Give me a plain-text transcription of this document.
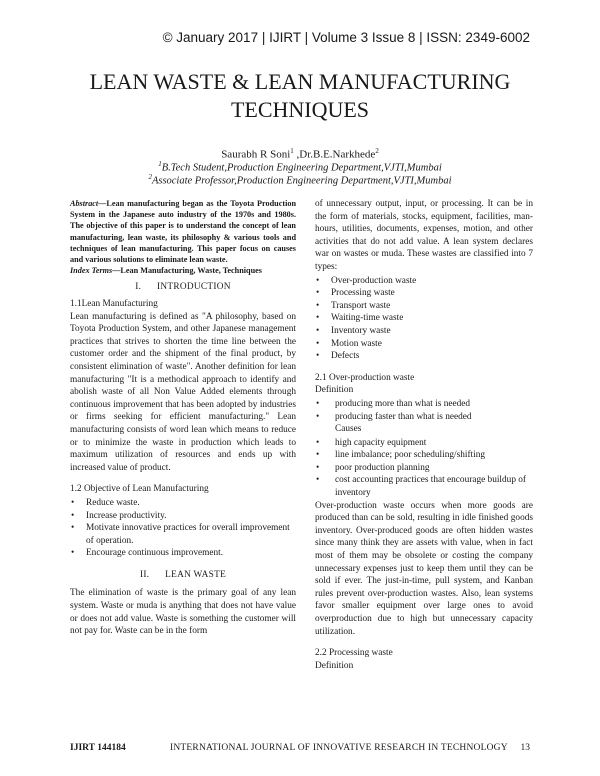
© January 2017 | IJIRT | Volume 3 Issue 8 | ISSN: 2349-6002
LEAN WASTE & LEAN MANUFACTURING
TECHNIQUES
Saurabh R Soni$^1$ ,Dr.B.E.Narkhede$^2$
$^1$B.Tech Student,Production Engineering Department,VJTI,Mumbai
$^2$Associate Professor,Production Engineering Department,VJTI,Mumbai

Abstract—Lean manufacturing began as the Toyota Production System in the Japanese auto industry of the 1970s and 1980s. The objective of this paper is to understand the concept of lean manufacturing, lean waste, its philosophy & various tools and techniques of lean manufacturing. This paper focus on causes and various solutions to eliminate lean waste.

Index Terms—Lean Manufacturing, Waste, Techniques

I.      INTRODUCTION

1.1Lean Manufacturing

Lean manufacturing is defined as "A philosophy, based on Toyota Production System, and other Japanese management practices that strives to shorten the time line between the customer order and the shipment of the final product, by consistent elimination of waste". Another definition for lean manufacturing "It is a methodical approach to identify and abolish waste of all Non Value Added elements through continuous improvement that has been adopted by industries or firms seeking for efficient manufacturing." Lean manufacturing consists of word lean which means to reduce or to minimize the waste in production which leads to maximum utilization of resources and ends up with increased value of product.

1.2 Objective of Lean Manufacturing

• Reduce waste.
• Increase productivity.
• Motivate innovative practices for overall improvement of operation.
• Encourage continuous improvement.
II.      LEAN WASTE

The elimination of waste is the primary goal of any lean system. Waste or muda is anything that does not have value or does not add value. Waste is something the customer will not pay for. Waste can be in the form

of unnecessary output, input, or processing. It can be in the form of materials, stocks, equipment, facilities, man-hours, utilities, documents, expenses, motion, and other activities that do not add value. A lean system declares war on wastes or muda. These wastes are classified into 7 types:

• Over-production waste
• Processing waste
• Transport waste
• Waiting-time waste
• Inventory waste
• Motion waste
• Defects

2.1 Over-production waste

Definition

• producing more than what is needed
• producing faster than what is needed

Causes

• high capacity equipment
• line imbalance; poor scheduling/shifting
• poor production planning
• cost accounting practices that encourage buildup of inventory

Over-production waste occurs when more goods are produced than can be sold, resulting in idle finished goods inventory. Over-produced goods are often hidden wastes since many think they are assets with value, when in fact most of them may be obsolete or costing the company unnecessary expenses just to keep them until they can be sold if ever. The just-in-time, pull system, and Kanban rules prevent over-production wastes. Also, lean systems favor smaller equipment over large ones to avoid overproduction due to high but unnecessary capacity utilization.

2.2 Processing waste

Definition

IJIRT 144184	INTERNATIONAL JOURNAL OF INNOVATIVE RESEARCH IN TECHNOLOGY 13
